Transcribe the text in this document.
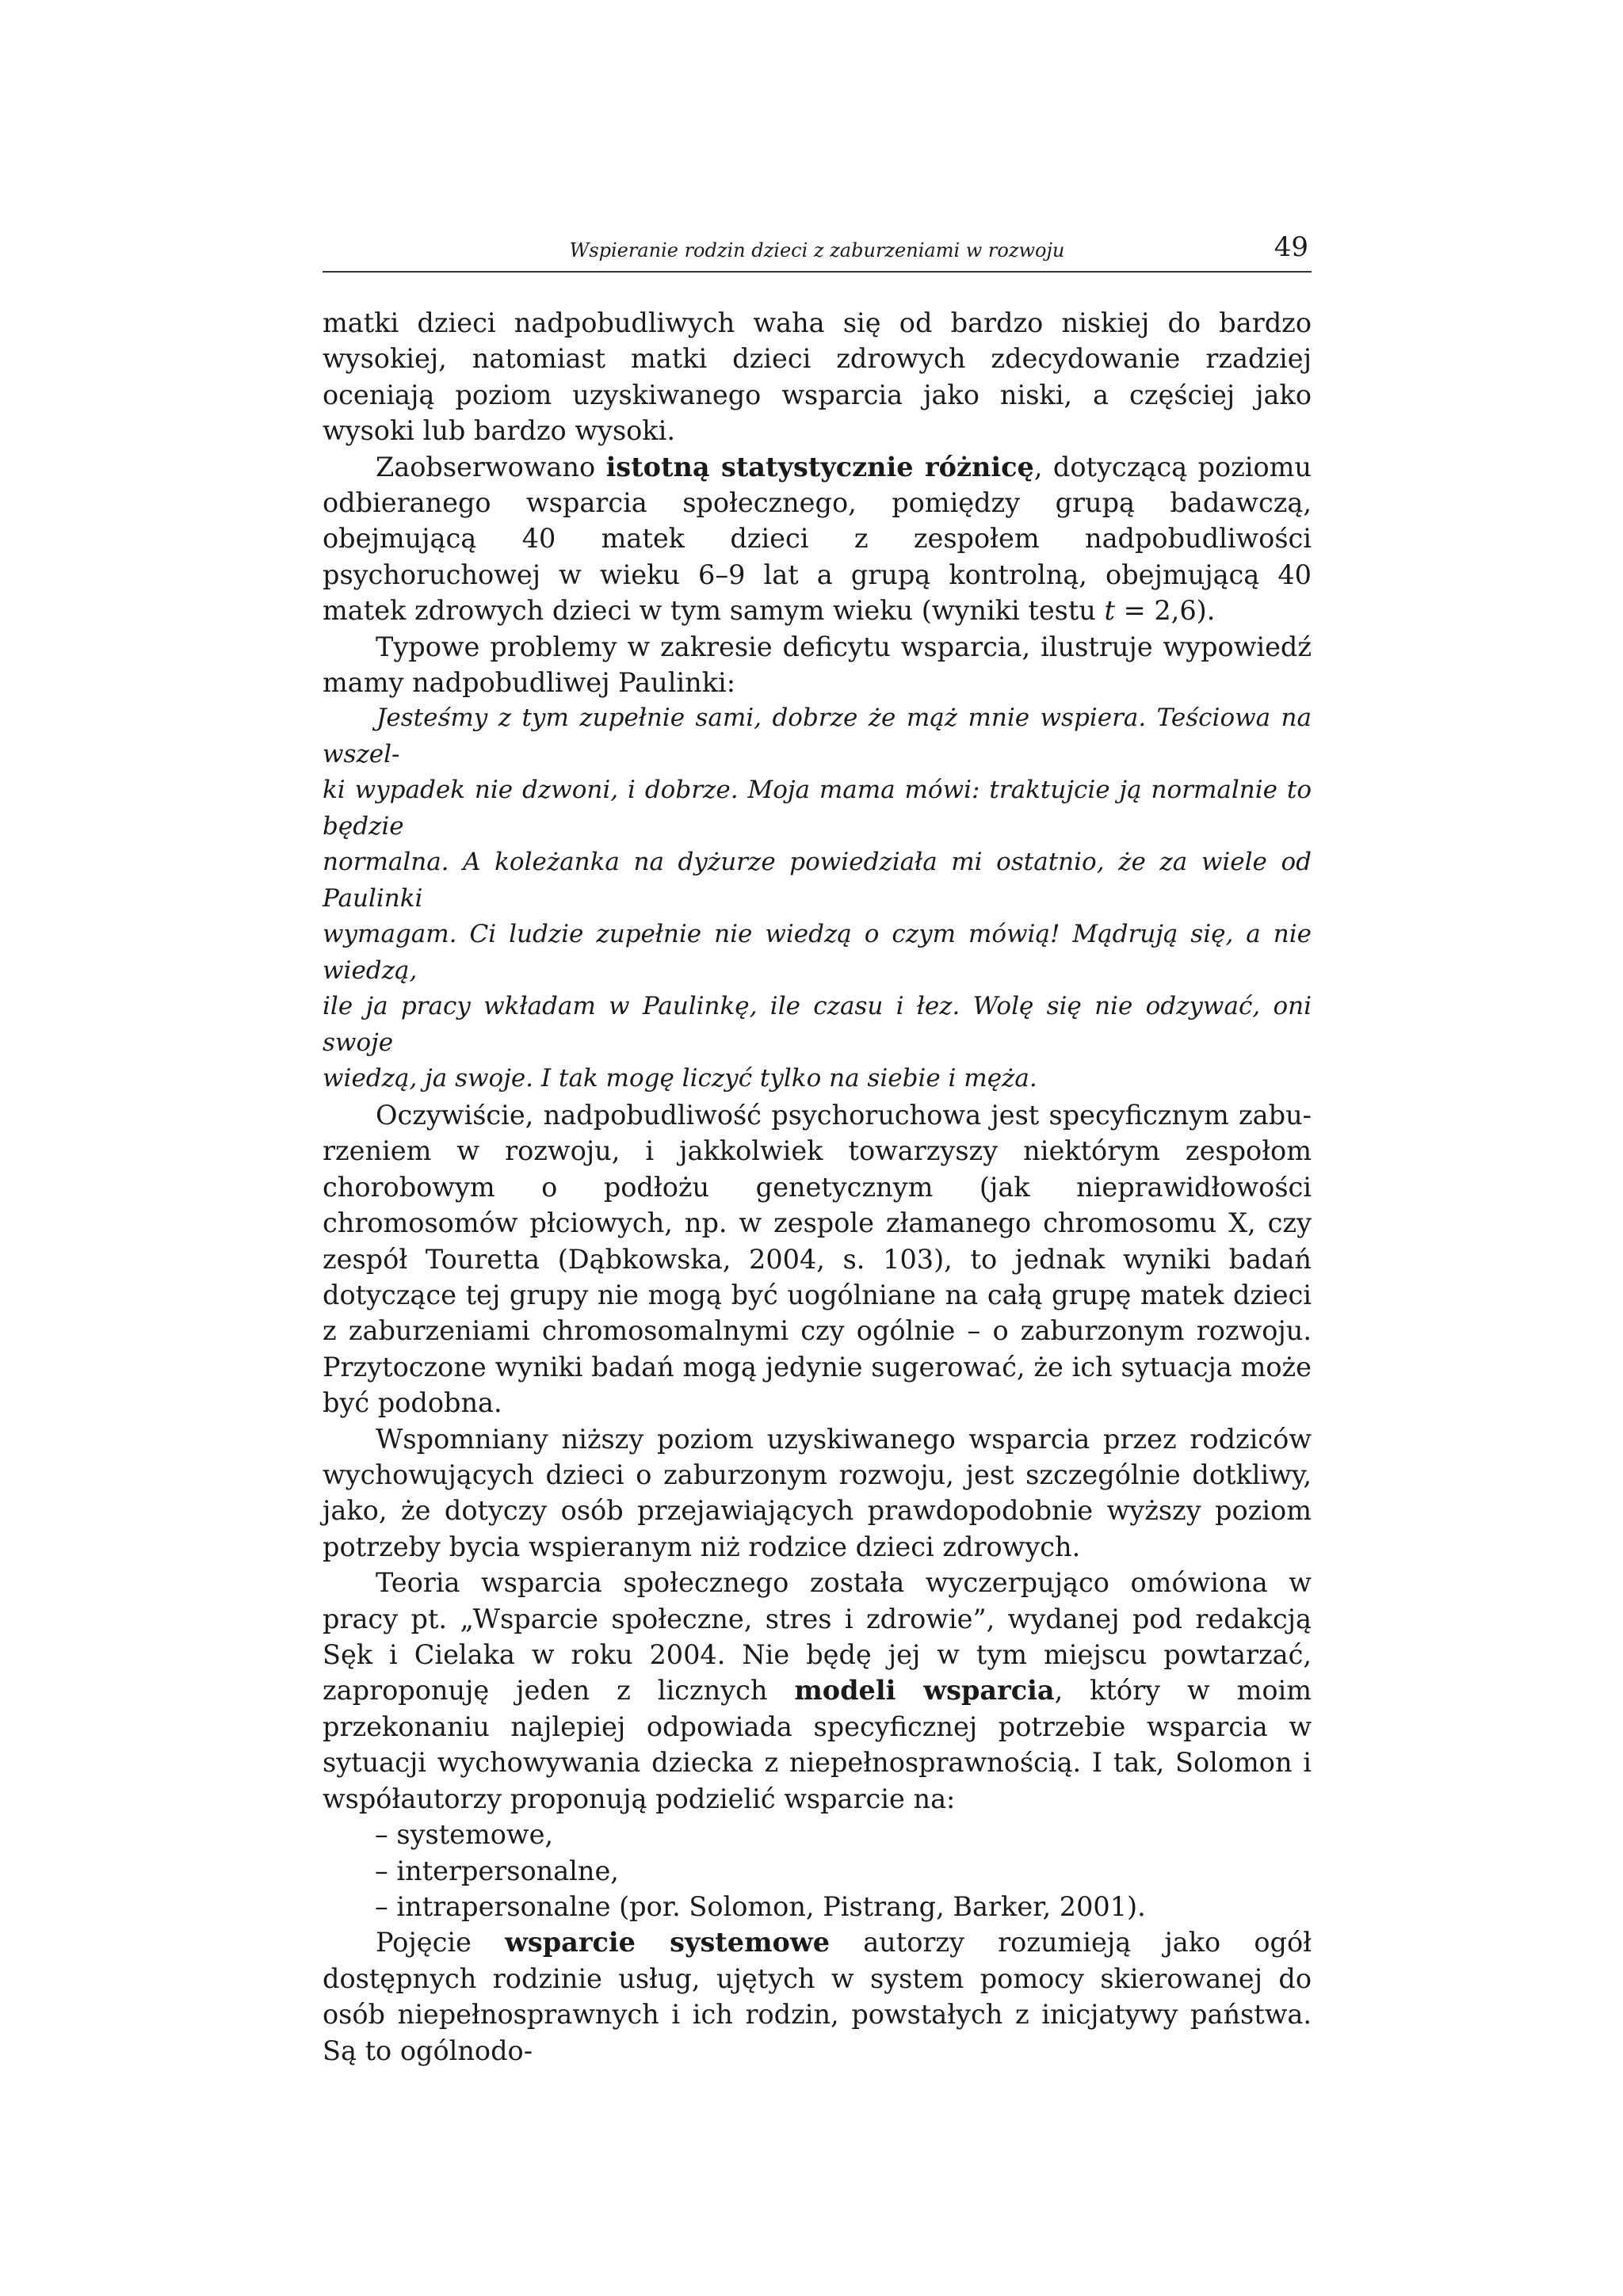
Wspieranie rodzin dzieci z zaburzeniami w rozwoju	49

matki dzieci nadpobudliwych waha się od bardzo niskiej do bardzo wysokiej, natomiast matki dzieci zdrowych zdecydowanie rzadziej oceniają poziom uzyskiwanego wsparcia jako niski, a częściej jako wysoki lub bardzo wysoki.

Zaobserwowano istotną statystycznie różnicę, dotyczącą poziomu odbieranego wsparcia społecznego, pomiędzy grupą badawczą, obejmującą 40 matek dzieci z zespołem nadpobudliwości psychoruchowej w wieku 6–9 lat a grupą kontrolną, obejmującą 40 matek zdrowych dzieci w tym samym wieku (wyniki testu t = 2,6).

Typowe problemy w zakresie deficytu wsparcia, ilustruje wypowiedź mamy nadpobudliwej Paulinki:

Jesteśmy z tym zupełnie sami, dobrze że mąż mnie wspiera. Teściowa na wszel-
ki wypadek nie dzwoni, i dobrze. Moja mama mówi: traktujcie ją normalnie to będzie
normalna. A koleżanka na dyżurze powiedziała mi ostatnio, że za wiele od Paulinki
wymagam. Ci ludzie zupełnie nie wiedzą o czym mówią! Mądrują się, a nie wiedzą,
ile ja pracy wkładam w Paulinkę, ile czasu i łez. Wolę się nie odzywać, oni swoje
wiedzą, ja swoje. I tak mogę liczyć tylko na siebie i męża.

Oczywiście, nadpobudliwość psychoruchowa jest specyficznym zaburzeniem w rozwoju, i jakkolwiek towarzyszy niektórym zespołom chorobowym o podłożu genetycznym (jak nieprawidłowości chromosomów płciowych, np. w zespole złamanego chromosomu X, czy zespół Touretta (Dąbkowska, 2004, s. 103), to jednak wyniki badań dotyczące tej grupy nie mogą być uogólniane na całą grupę matek dzieci z zaburzeniami chromosomalnymi czy ogólnie – o zaburzonym rozwoju. Przytoczone wyniki badań mogą jedynie sugerować, że ich sytuacja może być podobna.

Wspomniany niższy poziom uzyskiwanego wsparcia przez rodziców wychowujących dzieci o zaburzonym rozwoju, jest szczególnie dotkliwy, jako, że dotyczy osób przejawiających prawdopodobnie wyższy poziom potrzeby bycia wspieranym niż rodzice dzieci zdrowych.

Teoria wsparcia społecznego została wyczerpująco omówiona w pracy pt. „Wsparcie społeczne, stres i zdrowie”, wydanej pod redakcją Sęk i Cielaka w roku 2004. Nie będę jej w tym miejscu powtarzać, zaproponuję jeden z licznych modeli wsparcia, który w moim przekonaniu najlepiej odpowiada specyficznej potrzebie wsparcia w sytuacji wychowywania dziecka z niepełnosprawnością. I tak, Solomon i współautorzy proponują podzielić wsparcie na:

– systemowe,
– interpersonalne,
– intrapersonalne (por. Solomon, Pistrang, Barker, 2001).

Pojęcie wsparcie systemowe autorzy rozumieją jako ogół dostępnych rodzinie usług, ujętych w system pomocy skierowanej do osób niepełnosprawnych i ich rodzin, powstałych z inicjatywy państwa. Są to ogólnodo-
